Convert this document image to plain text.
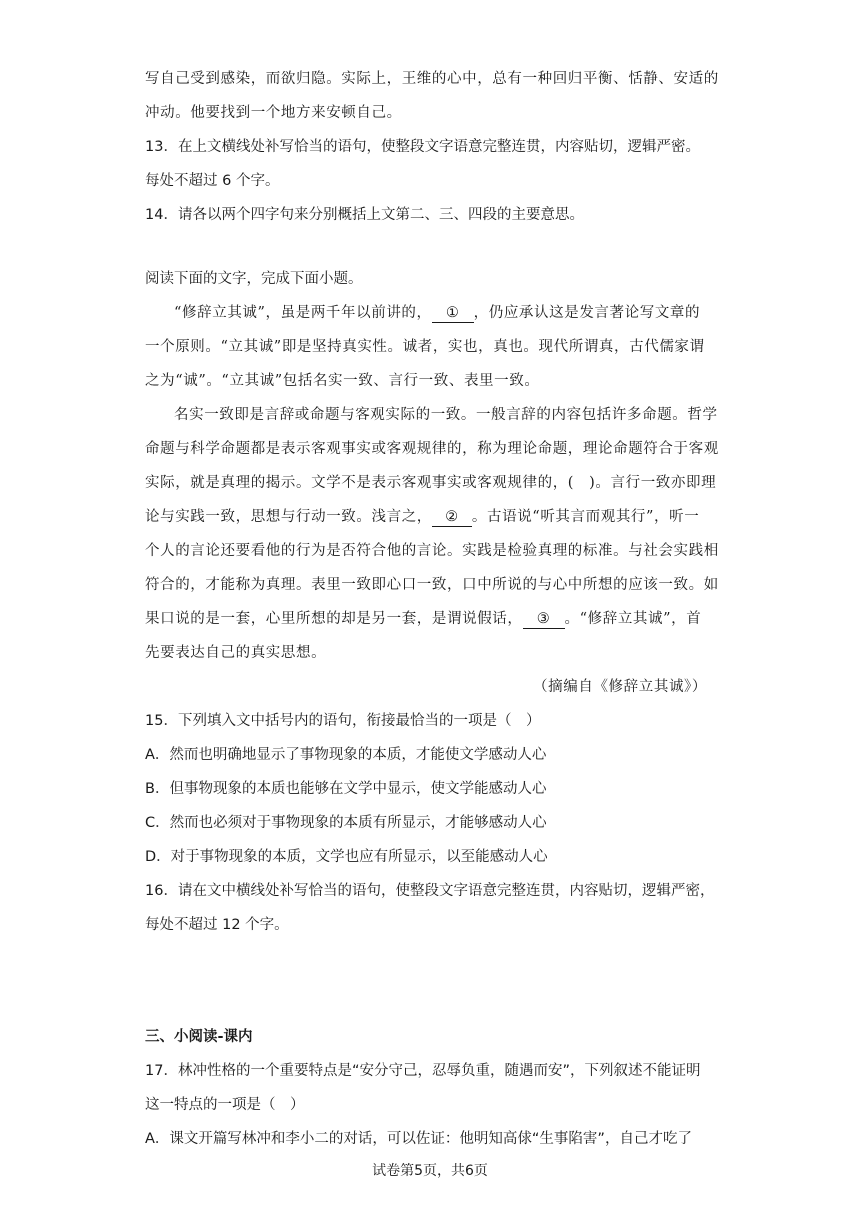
写自己受到感染，而欲归隐。实际上，王维的心中，总有一种回归平衡、恬静、安适的
冲动。他要找到一个地方来安顿自己。
13．在上文横线处补写恰当的语句，使整段文字语意完整连贯，内容贴切，逻辑严密。
每处不超过 6 个字。
14．请各以两个四字句来分别概括上文第二、三、四段的主要意思。
阅读下面的文字，完成下面小题。
“修辞立其诚”，虽是两千年以前讲的， ① ，仍应承认这是发言著论写文章的
一个原则。“立其诚”即是坚持真实性。诚者，实也，真也。现代所谓真，古代儒家谓
之为“诚”。“立其诚”包括名实一致、言行一致、表里一致。
名实一致即是言辞或命题与客观实际的一致。一般言辞的内容包括许多命题。哲学
命题与科学命题都是表示客观事实或客观规律的，称为理论命题，理论命题符合于客观
实际，就是真理的揭示。文学不是表示客观事实或客观规律的，(　)。言行一致亦即理
论与实践一致，思想与行动一致。浅言之， ② 。古语说“听其言而观其行”，听一
个人的言论还要看他的行为是否符合他的言论。实践是检验真理的标准。与社会实践相
符合的，才能称为真理。表里一致即心口一致，口中所说的与心中所想的应该一致。如
果口说的是一套，心里所想的却是另一套，是谓说假话， ③ 。“修辞立其诚”，首
先要表达自己的真实思想。
（摘编自《修辞立其诚》）
15．下列填入文中括号内的语句，衔接最恰当的一项是（　）
A．然而也明确地显示了事物现象的本质，才能使文学感动人心
B．但事物现象的本质也能够在文学中显示，使文学能感动人心
C．然而也必须对于事物现象的本质有所显示，才能够感动人心
D．对于事物现象的本质，文学也应有所显示，以至能感动人心
16．请在文中横线处补写恰当的语句，使整段文字语意完整连贯，内容贴切，逻辑严密，
每处不超过 12 个字。
三、小阅读-课内
17．林冲性格的一个重要特点是“安分守己，忍辱负重，随遇而安”，下列叙述不能证明
这一特点的一项是（　）
A．课文开篇写林冲和李小二的对话，可以佐证：他明知高俅“生事陷害”，自己才吃了
试卷第5页，共6页
